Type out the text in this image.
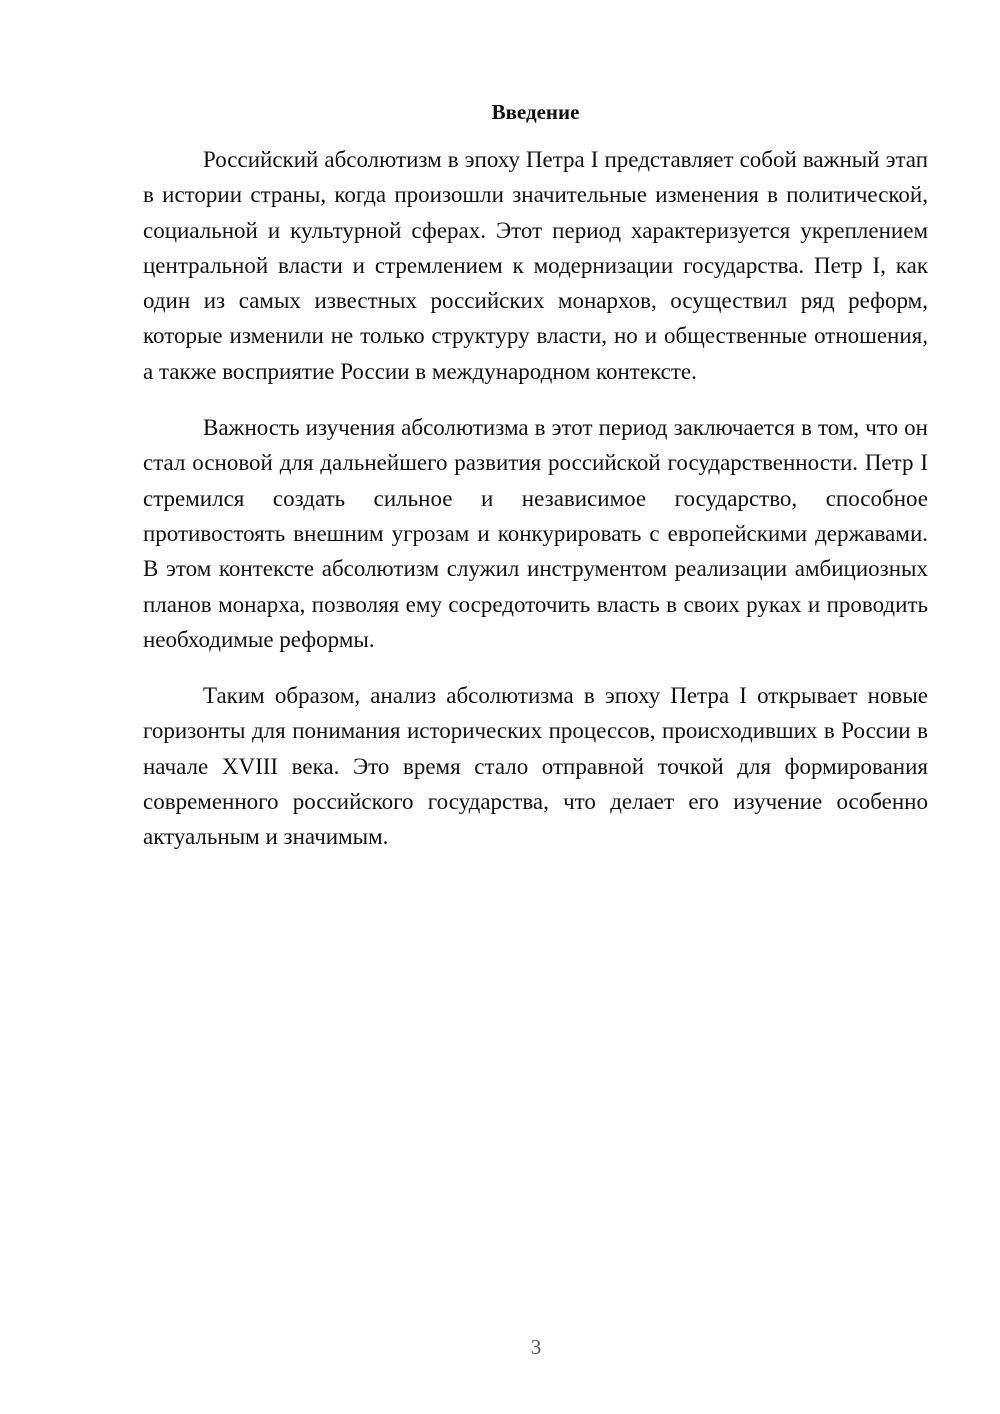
Введение

Российский абсолютизм в эпоху Петра I представляет собой важный этап в истории страны, когда произошли значительные изменения в политической, социальной и культурной сферах. Этот период характеризуется укреплением центральной власти и стремлением к модернизации государства. Петр I, как один из самых известных российских монархов, осуществил ряд реформ, которые изменили не только структуру власти, но и общественные отношения, а также восприятие России в международном контексте.

Важность изучения абсолютизма в этот период заключается в том, что он стал основой для дальнейшего развития российской государственности. Петр I стремился создать сильное и независимое государство, способное противостоять внешним угрозам и конкурировать с европейскими державами. В этом контексте абсолютизм служил инструментом реализации амбициозных планов монарха, позволяя ему сосредоточить власть в своих руках и проводить необходимые реформы.

Таким образом, анализ абсолютизма в эпоху Петра I открывает новые горизонты для понимания исторических процессов, происходивших в России в начале XVIII века. Это время стало отправной точкой для формирования современного российского государства, что делает его изучение особенно актуальным и значимым.

3
